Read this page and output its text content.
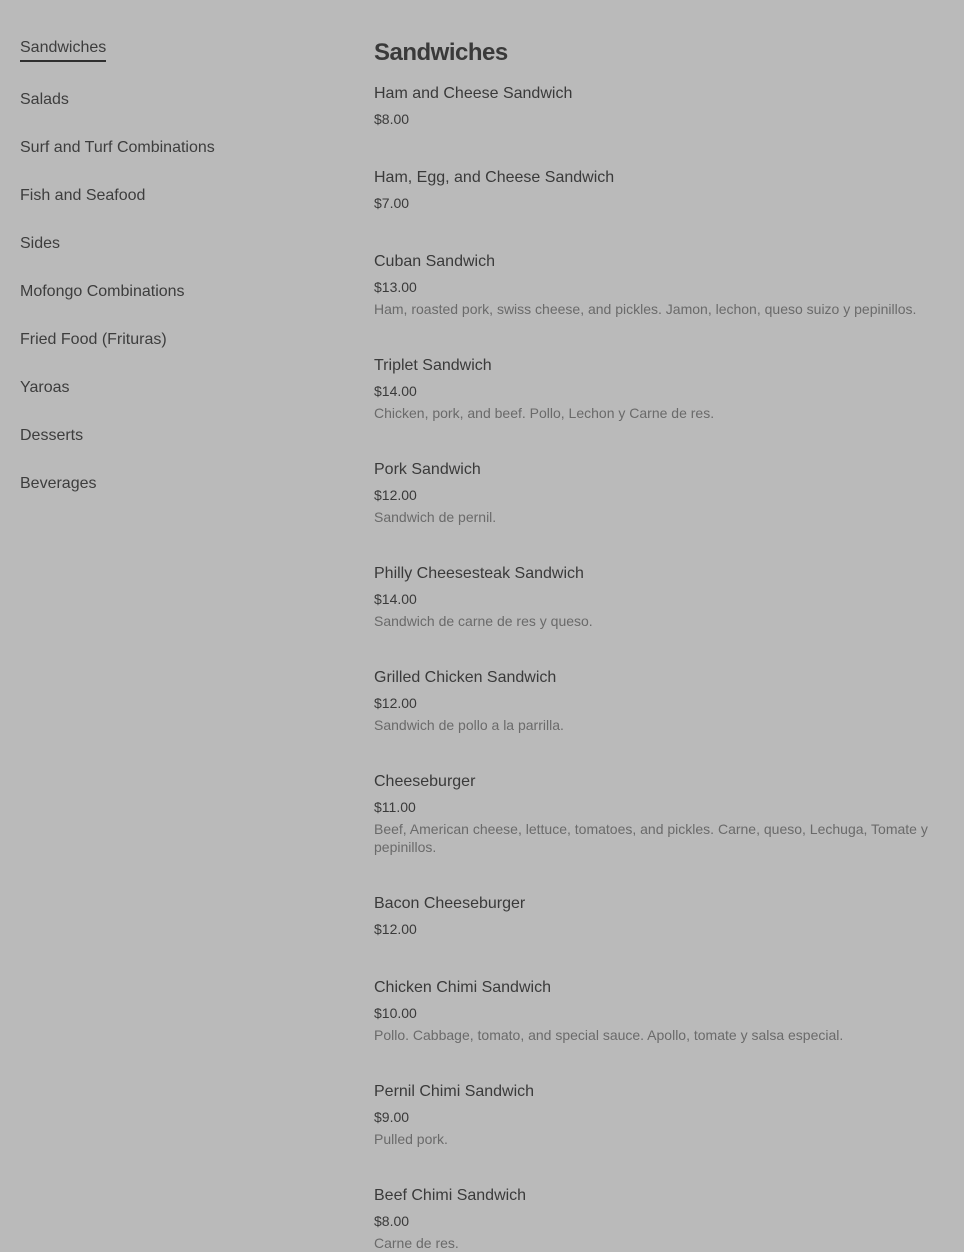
Sandwiches
Salads
Surf and Turf Combinations
Fish and Seafood
Sides
Mofongo Combinations
Fried Food (Frituras)
Yaroas
Desserts
Beverages
Sandwiches
Ham and Cheese Sandwich
$8.00
Ham, Egg, and Cheese Sandwich
$7.00
Cuban Sandwich
$13.00
Ham, roasted pork, swiss cheese, and pickles. Jamon, lechon, queso suizo y pepinillos.
Triplet Sandwich
$14.00
Chicken, pork, and beef. Pollo, Lechon y Carne de res.
Pork Sandwich
$12.00
Sandwich de pernil.
Philly Cheesesteak Sandwich
$14.00
Sandwich de carne de res y queso.
Grilled Chicken Sandwich
$12.00
Sandwich de pollo a la parrilla.
Cheeseburger
$11.00
Beef, American cheese, lettuce, tomatoes, and pickles. Carne, queso, Lechuga, Tomate y pepinillos.
Bacon Cheeseburger
$12.00
Chicken Chimi Sandwich
$10.00
Pollo. Cabbage, tomato, and special sauce. Apollo, tomate y salsa especial.
Pernil Chimi Sandwich
$9.00
Pulled pork.
Beef Chimi Sandwich
$8.00
Carne de res.
